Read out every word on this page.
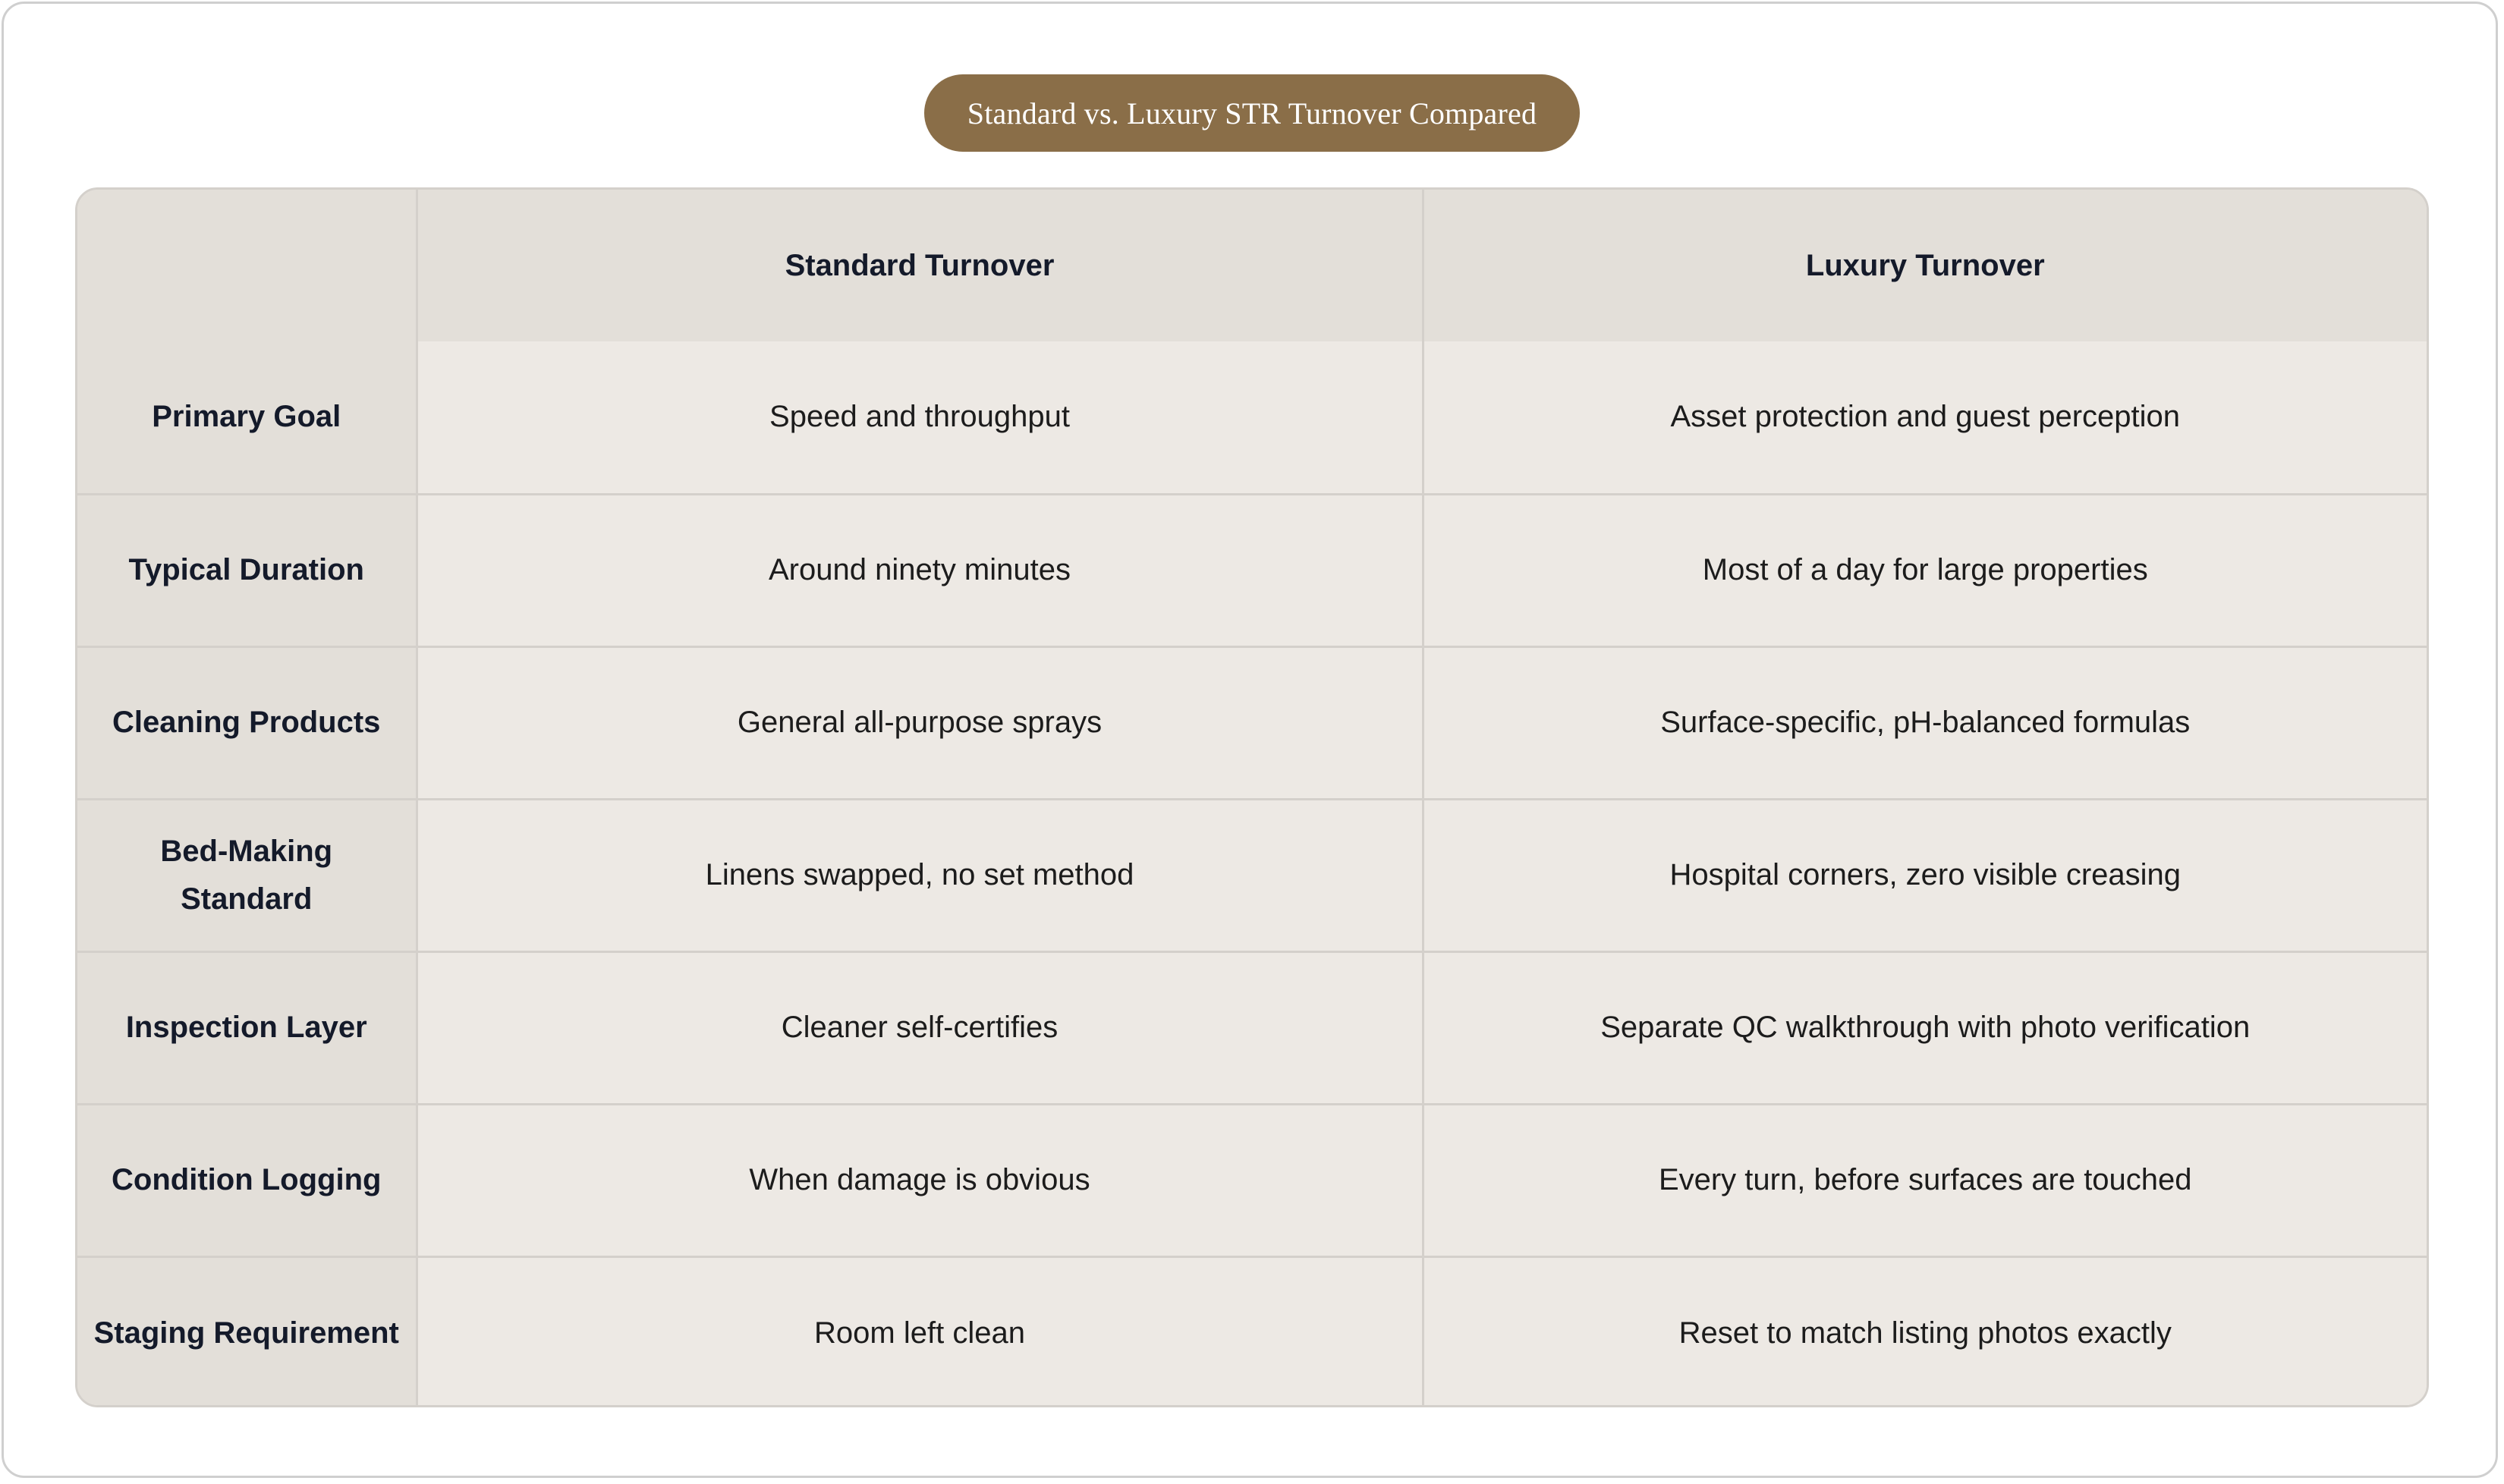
Standard vs. Luxury STR Turnover Compared
	Standard Turnover	Luxury Turnover
Primary Goal	Speed and throughput	Asset protection and guest perception
Typical Duration	Around ninety minutes	Most of a day for large properties
Cleaning Products	General all-purpose sprays	Surface-specific, pH-balanced formulas
Bed-Making Standard	Linens swapped, no set method	Hospital corners, zero visible creasing
Inspection Layer	Cleaner self-certifies	Separate QC walkthrough with photo verification
Condition Logging	When damage is obvious	Every turn, before surfaces are touched
Staging Requirement	Room left clean	Reset to match listing photos exactly
